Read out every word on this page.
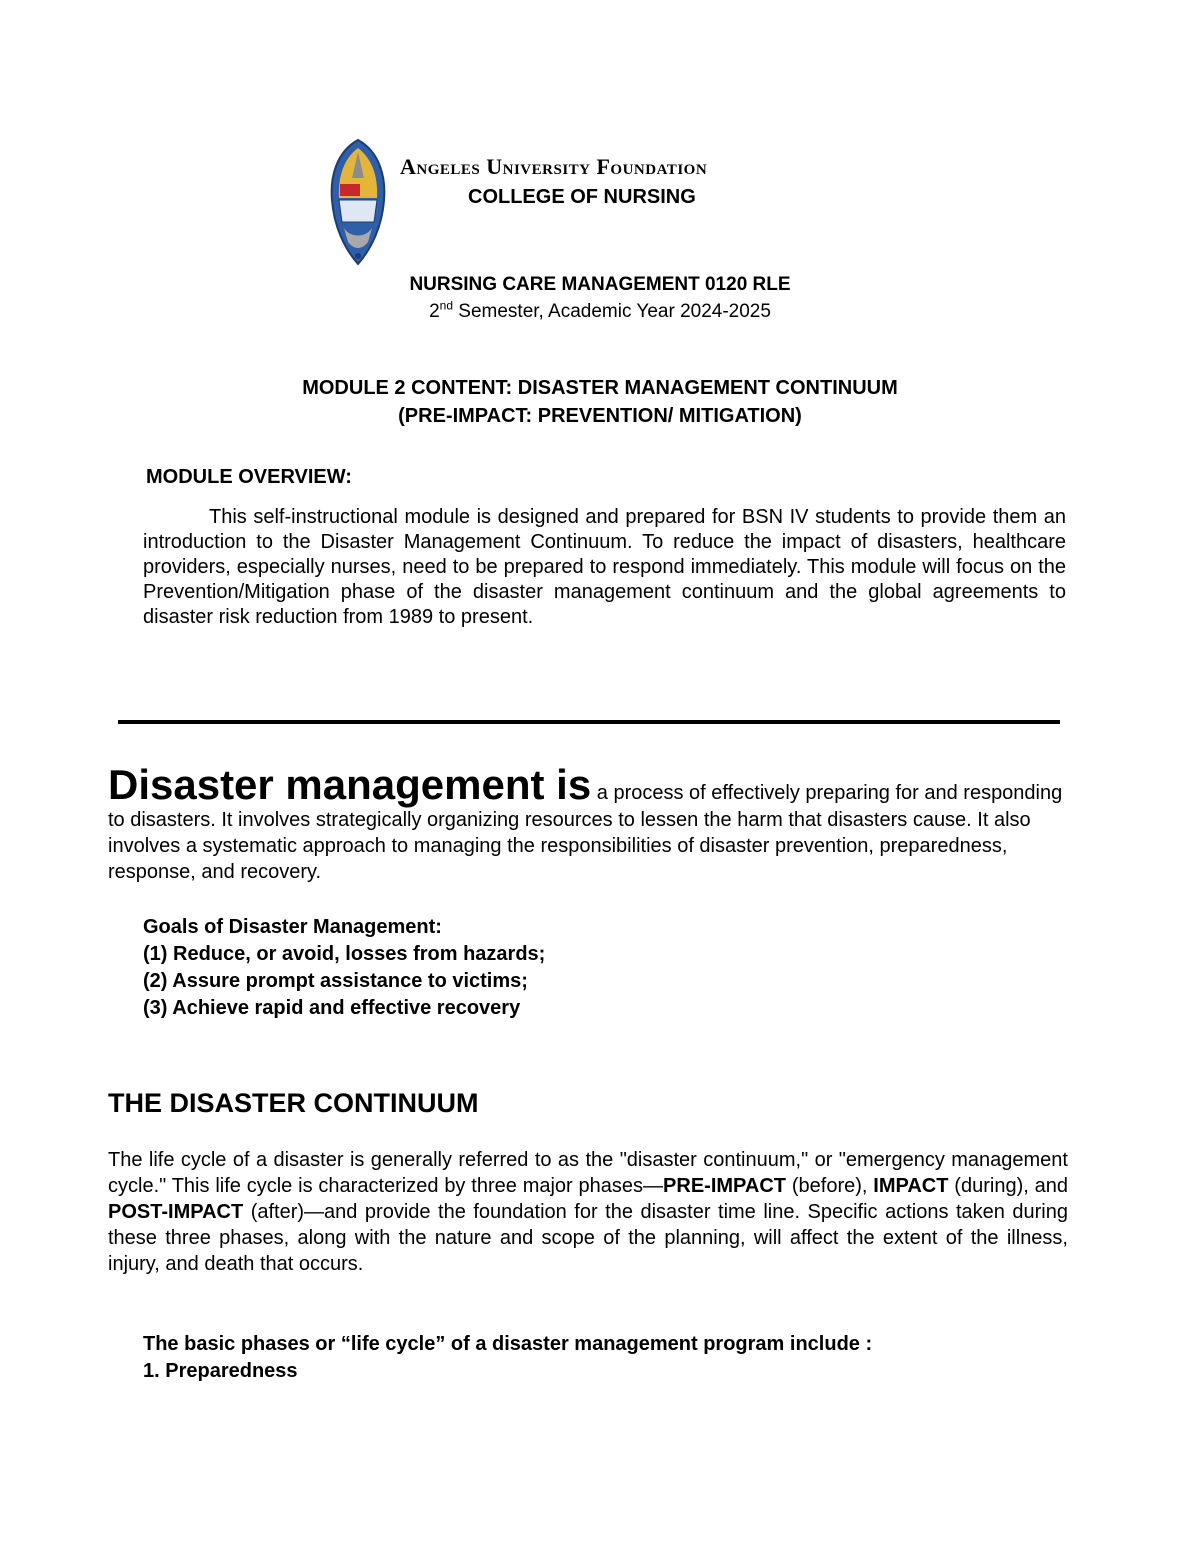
Angeles University Foundation
COLLEGE OF NURSING
NURSING CARE MANAGEMENT 0120 RLE
2nd Semester, Academic Year 2024-2025
MODULE 2 CONTENT: DISASTER MANAGEMENT CONTINUUM
(PRE-IMPACT: PREVENTION/ MITIGATION)
MODULE OVERVIEW:
This self-instructional module is designed and prepared for BSN IV students to provide them an introduction to the Disaster Management Continuum. To reduce the impact of disasters, healthcare providers, especially nurses, need to be prepared to respond immediately. This module will focus on the Prevention/Mitigation phase of the disaster management continuum and the global agreements to disaster risk reduction from 1989 to present.
Disaster management is a process of effectively preparing for and responding to disasters. It involves strategically organizing resources to lessen the harm that disasters cause. It also involves a systematic approach to managing the responsibilities of disaster prevention, preparedness, response, and recovery.
Goals of Disaster Management:
(1) Reduce, or avoid, losses from hazards;
(2) Assure prompt assistance to victims;
(3) Achieve rapid and effective recovery
THE DISASTER CONTINUUM
The life cycle of a disaster is generally referred to as the "disaster continuum," or "emergency management cycle." This life cycle is characterized by three major phases—PRE-IMPACT (before), IMPACT (during), and POST-IMPACT (after)—and provide the foundation for the disaster time line. Specific actions taken during these three phases, along with the nature and scope of the planning, will affect the extent of the illness, injury, and death that occurs.
The basic phases or “life cycle” of a disaster management program include :
1. Preparedness
